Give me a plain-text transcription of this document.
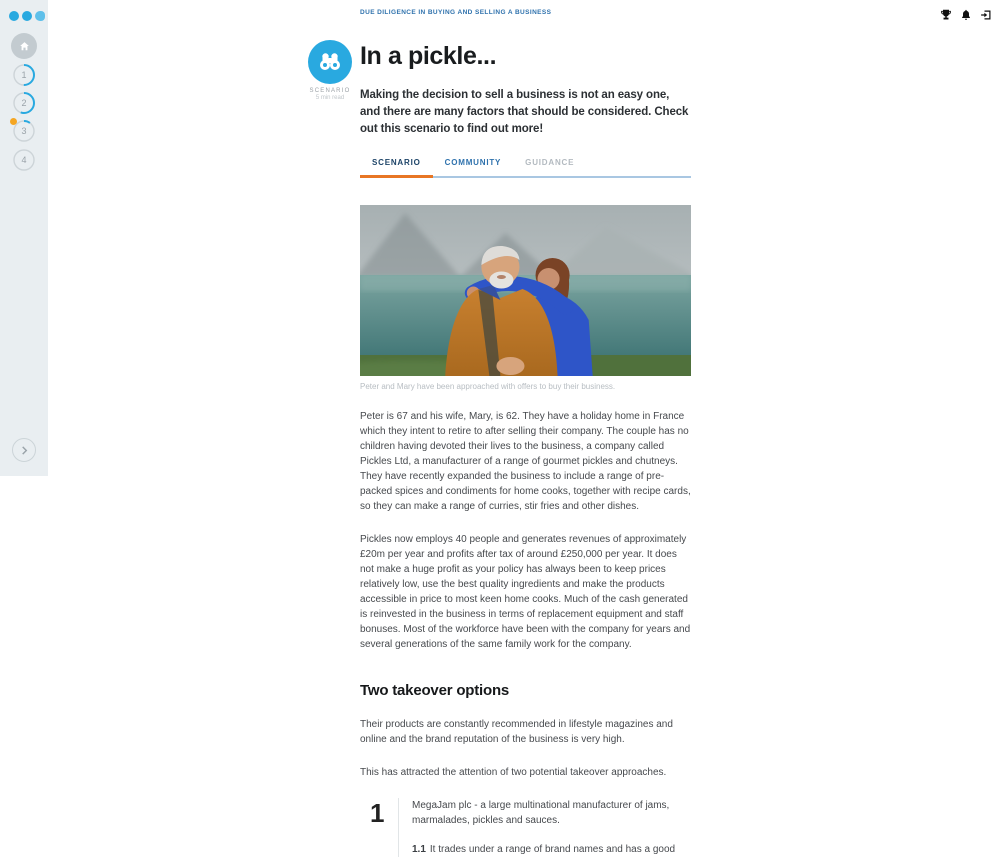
DUE DILIGENCE IN BUYING AND SELLING A BUSINESS
1
2
3
4
SCENARIO
5 min read
In a pickle...

Making the decision to sell a business is not an easy one, and there are many factors that should be considered. Check out this scenario to find out more!

SCENARIO	COMMUNITY	GUIDANCE
Peter and Mary have been approached with offers to buy their business.

Peter is 67 and his wife, Mary, is 62. They have a holiday home in France which they intent to retire to after selling their company. The couple has no children having devoted their lives to the business, a company called Pickles Ltd, a manufacturer of a range of gourmet pickles and chutneys. They have recently expanded the business to include a range of pre-packed spices and condiments for home cooks, together with recipe cards, so they can make a range of curries, stir fries and other dishes.

Pickles now employs 40 people and generates revenues of approximately £20m per year and profits after tax of around £250,000 per year. It does not make a huge profit as your policy has always been to keep prices relatively low, use the best quality ingredients and make the products accessible in price to most keen home cooks. Much of the cash generated is reinvested in the business in terms of replacement equipment and staff bonuses. Most of the workforce have been with the company for years and several generations of the same family work for the company.

Two takeover options

Their products are constantly recommended in lifestyle magazines and online and the brand reputation of the business is very high.

This has attracted the attention of two potential takeover approaches.

1	MegaJam plc - a large multinational manufacturer of jams, marmalades, pickles and sauces.
1.1 It trades under a range of brand names and has a good
